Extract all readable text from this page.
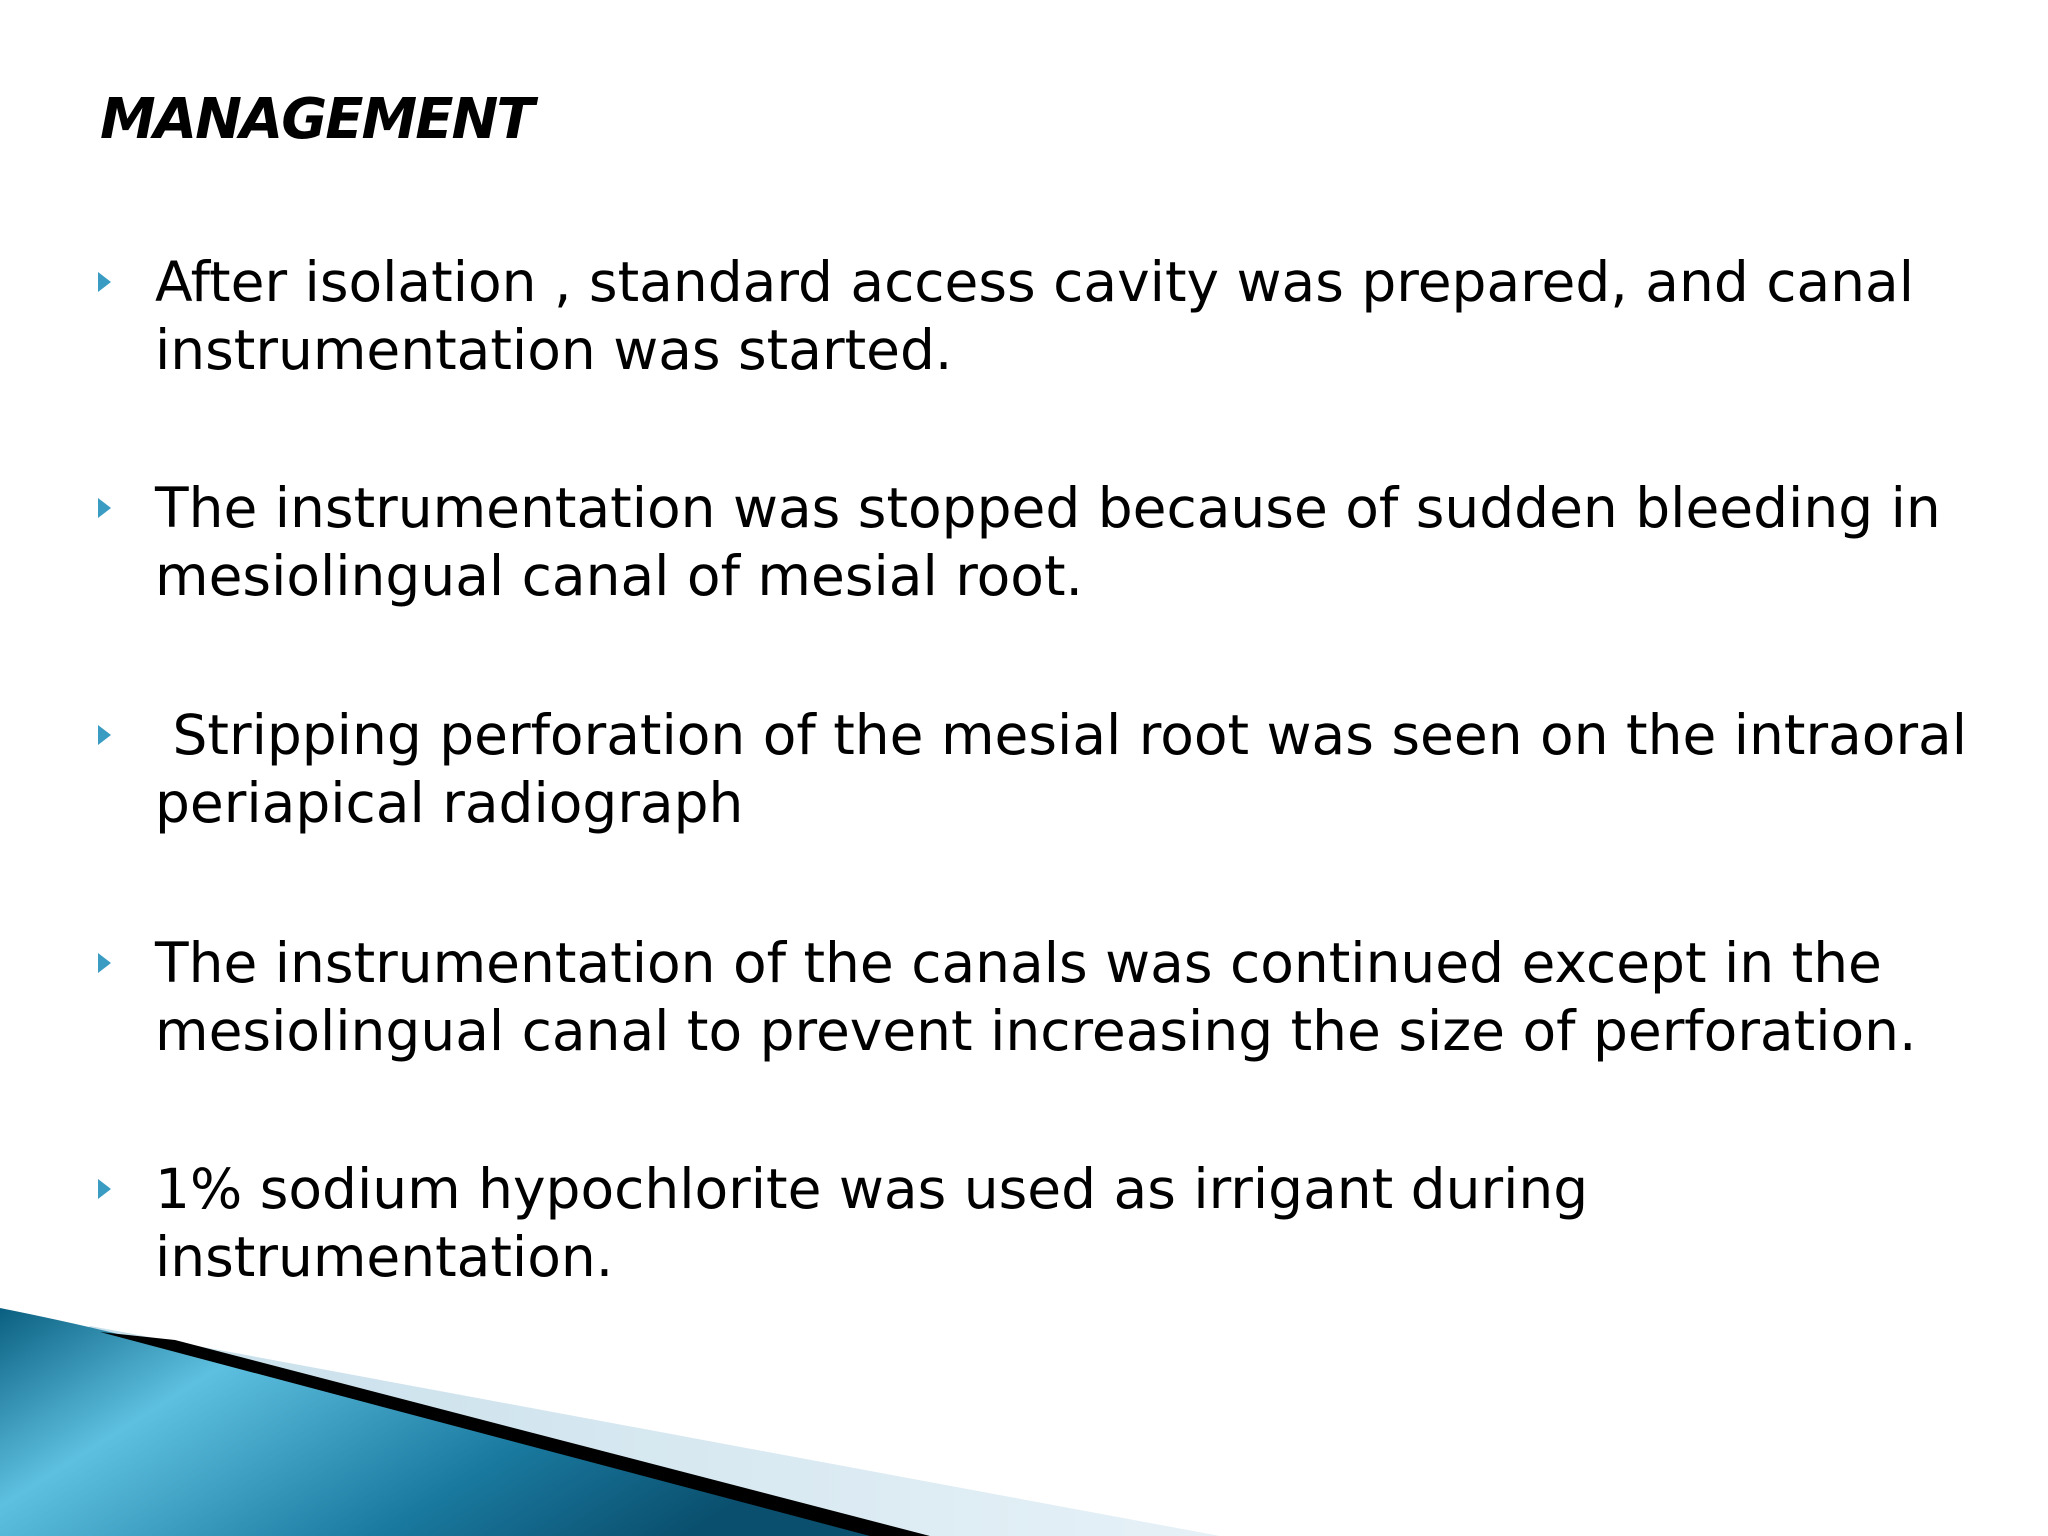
MANAGEMENT
After isolation , standard access cavity was prepared, and canal
instrumentation was started.
The instrumentation was stopped because of sudden bleeding in
mesiolingual canal of mesial root.
Stripping perforation of the mesial root was seen on the intraoral
periapical radiograph
The instrumentation of the canals was continued except in the
mesiolingual canal to prevent increasing the size of perforation.
1% sodium hypochlorite was used as irrigant during
instrumentation.
